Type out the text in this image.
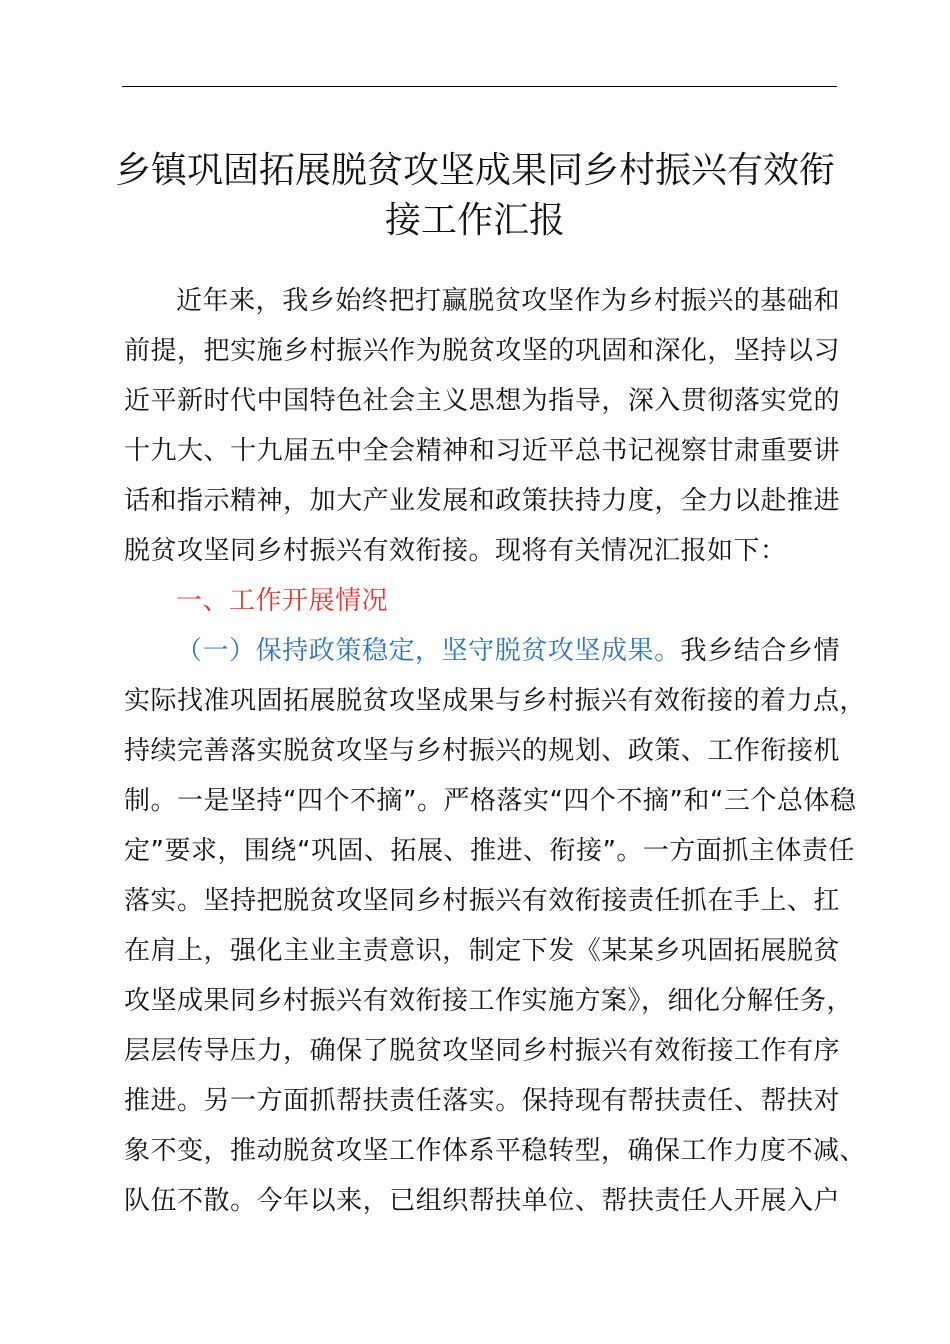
乡镇巩固拓展脱贫攻坚成果同乡村振兴有效衔
接工作汇报
近年来，我乡始终把打赢脱贫攻坚作为乡村振兴的基础和
前提，把实施乡村振兴作为脱贫攻坚的巩固和深化，坚持以习
近平新时代中国特色社会主义思想为指导，深入贯彻落实党的
十九大、十九届五中全会精神和习近平总书记视察甘肃重要讲
话和指示精神，加大产业发展和政策扶持力度，全力以赴推进
脱贫攻坚同乡村振兴有效衔接。现将有关情况汇报如下：
一、工作开展情况
（一）保持政策稳定，坚守脱贫攻坚成果。我乡结合乡情
实际找准巩固拓展脱贫攻坚成果与乡村振兴有效衔接的着力点，
持续完善落实脱贫攻坚与乡村振兴的规划、政策、工作衔接机
制。一是坚持“四个不摘”。严格落实“四个不摘”和“三个总体稳
定”要求，围绕“巩固、拓展、推进、衔接”。一方面抓主体责任
落实。坚持把脱贫攻坚同乡村振兴有效衔接责任抓在手上、扛
在肩上，强化主业主责意识，制定下发《某某乡巩固拓展脱贫
攻坚成果同乡村振兴有效衔接工作实施方案》，细化分解任务，
层层传导压力，确保了脱贫攻坚同乡村振兴有效衔接工作有序
推进。另一方面抓帮扶责任落实。保持现有帮扶责任、帮扶对
象不变，推动脱贫攻坚工作体系平稳转型，确保工作力度不减、
队伍不散。今年以来，已组织帮扶单位、帮扶责任人开展入户
